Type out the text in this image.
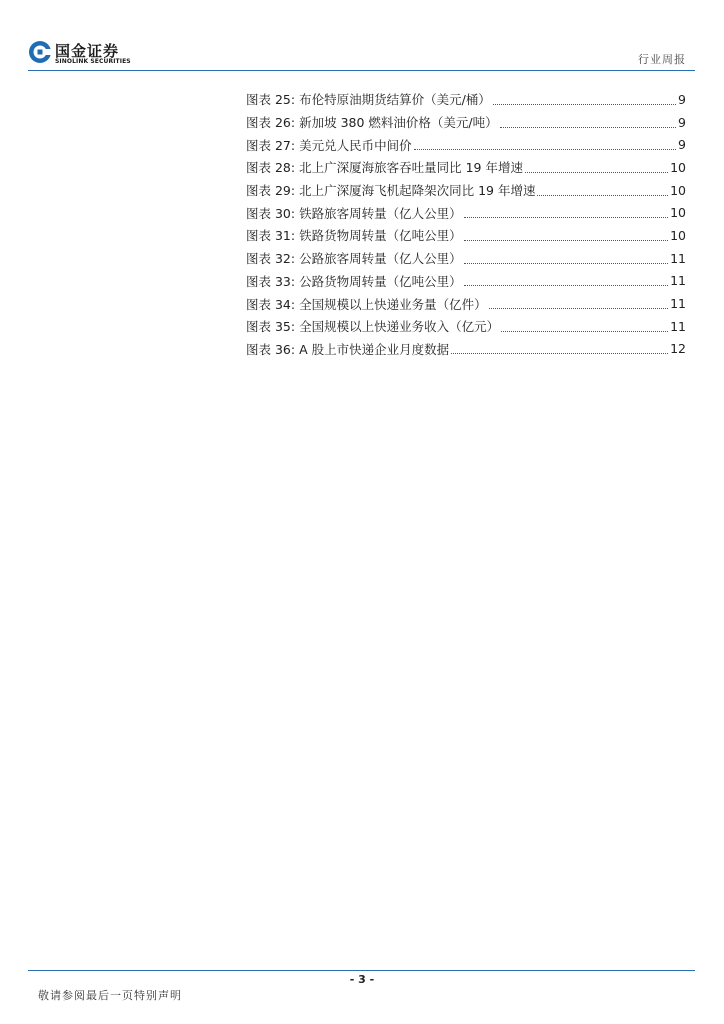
国金证券
SINOLINK SECURITIES	行业周报
图表 25: 布伦特原油期货结算价（美元/桶）	9
图表 26: 新加坡 380 燃料油价格（美元/吨）	9
图表 27: 美元兑人民币中间价	9
图表 28: 北上广深厦海旅客吞吐量同比 19 年增速	10
图表 29: 北上广深厦海飞机起降架次同比 19 年增速	10
图表 30: 铁路旅客周转量（亿人公里）	10
图表 31: 铁路货物周转量（亿吨公里）	10
图表 32: 公路旅客周转量（亿人公里）	11
图表 33: 公路货物周转量（亿吨公里）	11
图表 34: 全国规模以上快递业务量（亿件）	11
图表 35: 全国规模以上快递业务收入（亿元）	11
图表 36: A 股上市快递企业月度数据	12
- 3 -
敬请参阅最后一页特别声明
